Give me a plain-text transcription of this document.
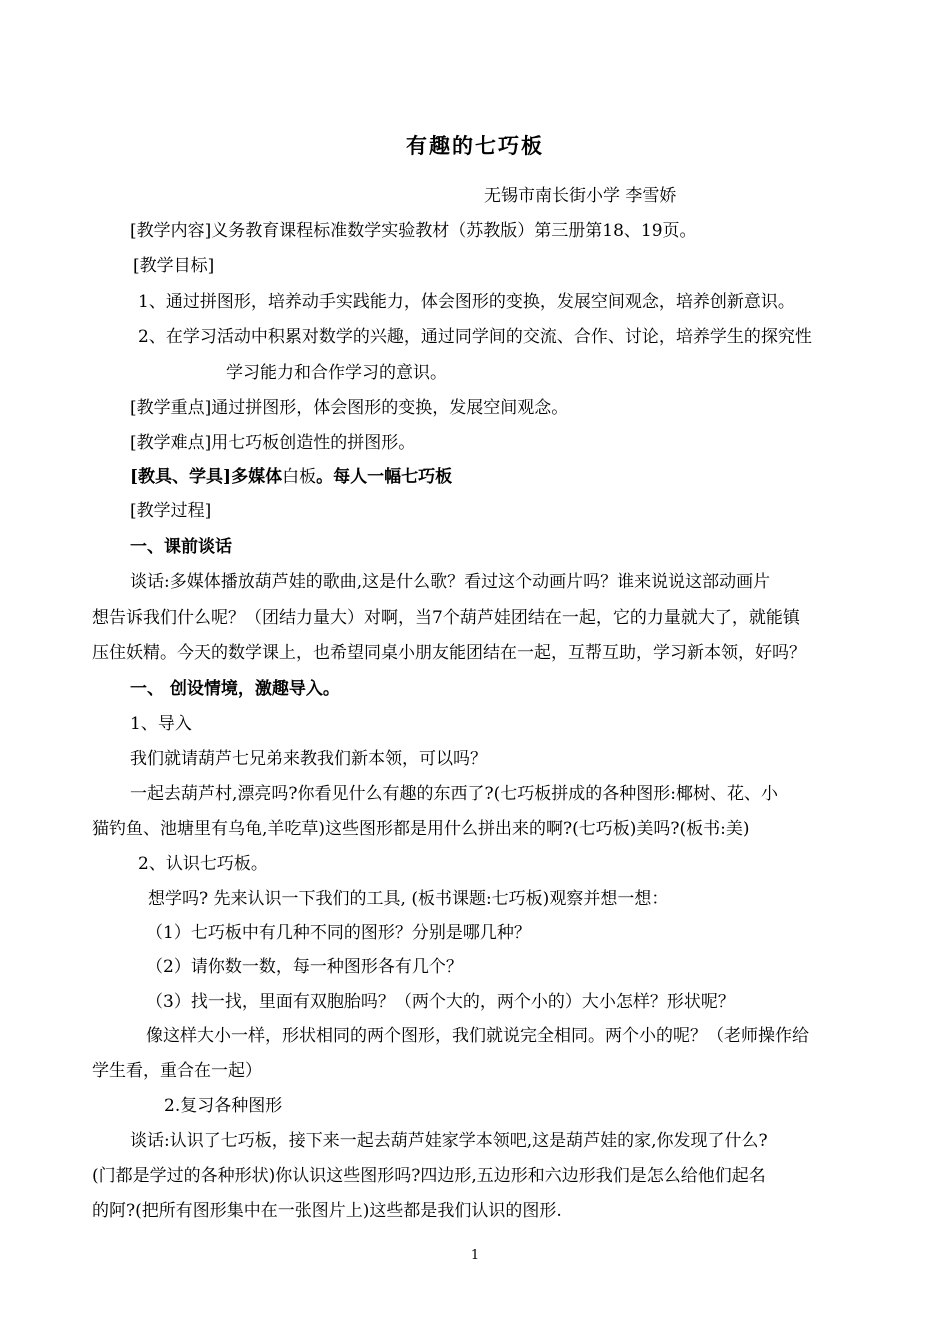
有趣的七巧板
无锡市南长街小学 李雪娇
[教学内容]义务教育课程标准数学实验教材（苏教版）第三册第18、19页。
[教学目标]
1、通过拼图形，培养动手实践能力，体会图形的变换，发展空间观念，培养创新意识。
2、在学习活动中积累对数学的兴趣，通过同学间的交流、合作、讨论，培养学生的探究性
学习能力和合作学习的意识。
[教学重点]通过拼图形，体会图形的变换，发展空间观念。
[教学难点]用七巧板创造性的拼图形。
[教具、学具]多媒体白板。每人一幅七巧板
[教学过程]
一、课前谈话
谈话:多媒体播放葫芦娃的歌曲,这是什么歌？看过这个动画片吗？谁来说说这部动画片
想告诉我们什么呢？（团结力量大）对啊，当7个葫芦娃团结在一起，它的力量就大了，就能镇
压住妖精。今天的数学课上，也希望同桌小朋友能团结在一起，互帮互助，学习新本领，好吗？
一、 创设情境，激趣导入。
1、导入
我们就请葫芦七兄弟来教我们新本领，可以吗？
一起去葫芦村,漂亮吗?你看见什么有趣的东西了?(七巧板拼成的各种图形:椰树、花、小
猫钓鱼、池塘里有乌龟,羊吃草)这些图形都是用什么拼出来的啊?(七巧板)美吗?(板书:美)
2、认识七巧板。
想学吗? 先来认识一下我们的工具, (板书课题:七巧板)观察并想一想：
（1）七巧板中有几种不同的图形？分别是哪几种？
（2）请你数一数，每一种图形各有几个？
（3）找一找，里面有双胞胎吗？（两个大的，两个小的）大小怎样？形状呢？
像这样大小一样，形状相同的两个图形，我们就说完全相同。两个小的呢？（老师操作给
学生看，重合在一起）
2.复习各种图形
谈话:认识了七巧板，接下来一起去葫芦娃家学本领吧,这是葫芦娃的家,你发现了什么?
(门都是学过的各种形状)你认识这些图形吗?四边形,五边形和六边形我们是怎么给他们起名
的阿?(把所有图形集中在一张图片上)这些都是我们认识的图形.
1
